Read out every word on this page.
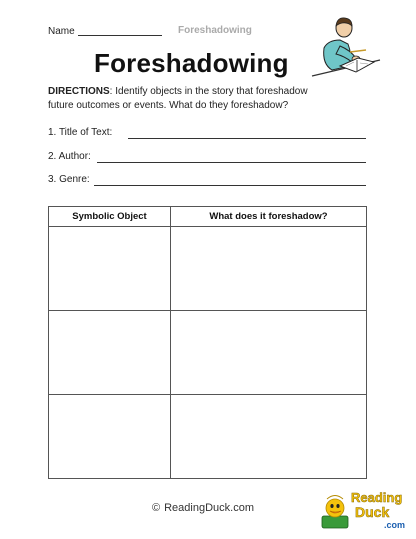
Name	Foreshadowing
Foreshadowing
DIRECTIONS: Identify objects in the story that foreshadow future outcomes or events. What do they foreshadow?
1. Title of Text:
2. Author:
3. Genre:
Symbolic Object	What does it foreshadow?

© ReadingDuck.com
Reading
Duck
.com
